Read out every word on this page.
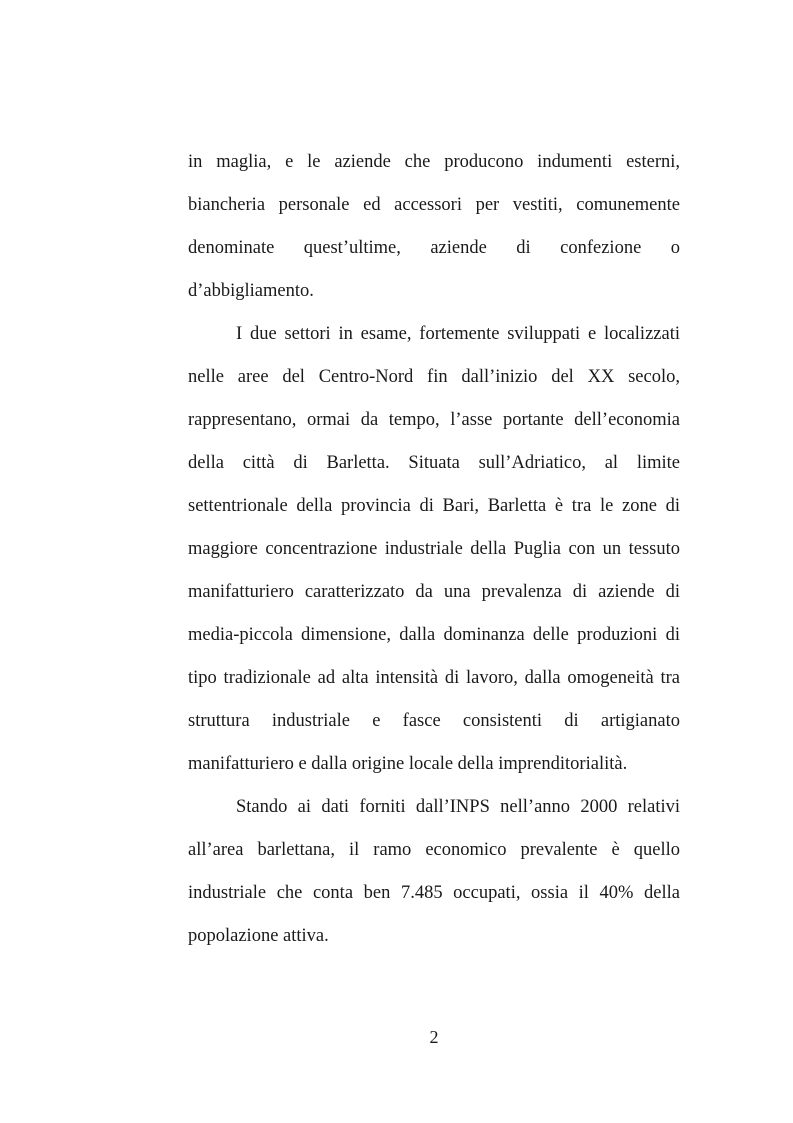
in maglia, e le aziende che producono indumenti esterni, biancheria personale ed accessori per vestiti, comunemente denominate quest’ultime, aziende di confezione o d’abbigliamento.

I due settori in esame, fortemente sviluppati e localizzati nelle aree del Centro-Nord fin dall’inizio del XX secolo, rappresentano, ormai da tempo, l’asse portante dell’economia della città di Barletta. Situata sull’Adriatico, al limite settentrionale della provincia di Bari, Barletta è tra le zone di maggiore concentrazione industriale della Puglia con un tessuto manifatturiero caratterizzato da una prevalenza di aziende di media-piccola dimensione, dalla dominanza delle produzioni di tipo tradizionale ad alta intensità di lavoro, dalla omogeneità tra struttura industriale e fasce consistenti di artigianato manifatturiero e dalla origine locale della imprenditorialità.

Stando ai dati forniti dall’INPS nell’anno 2000 relativi all’area barlettana, il ramo economico prevalente è quello industriale che conta ben 7.485 occupati, ossia il 40% della popolazione attiva.

2
